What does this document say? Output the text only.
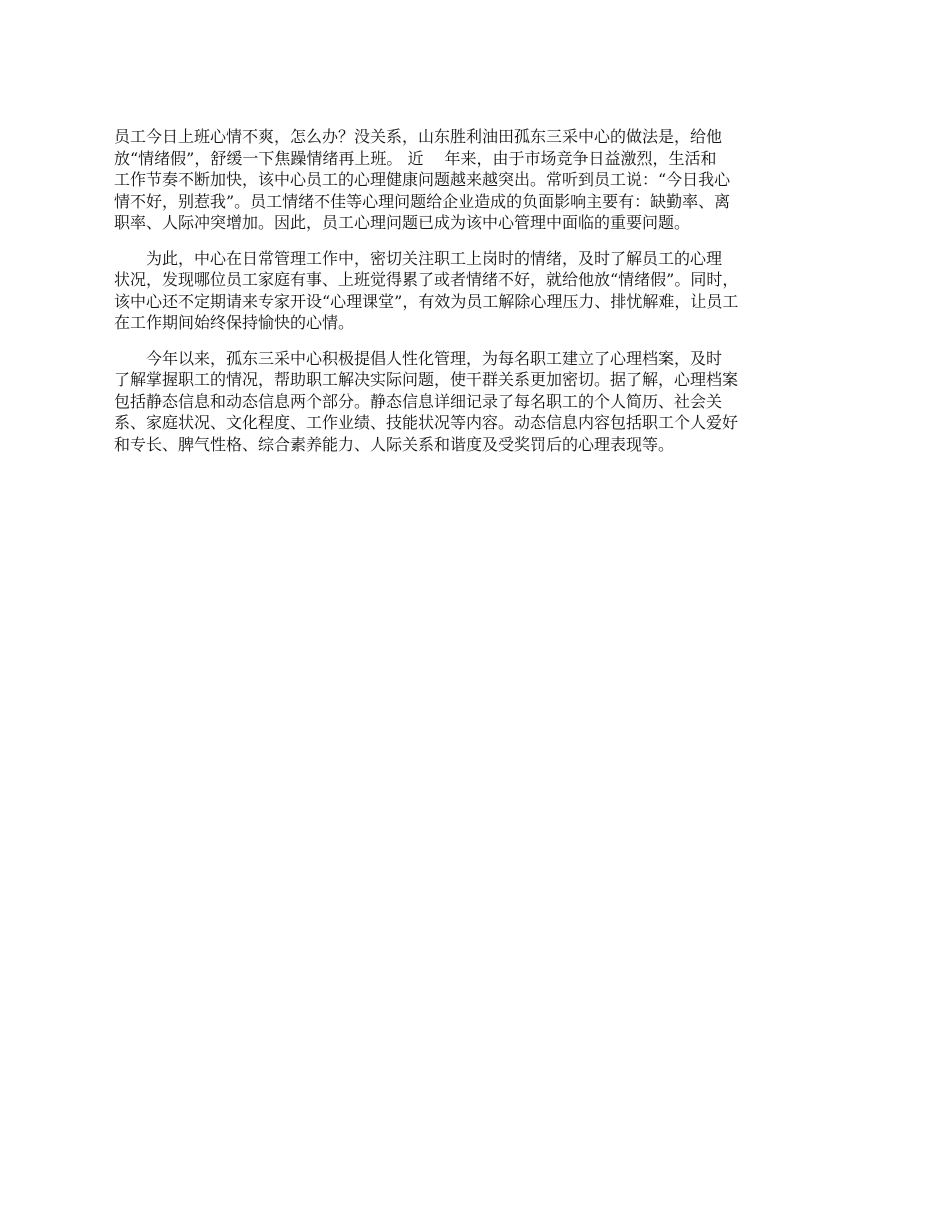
员工今日上班心情不爽，怎么办？没关系，山东胜利油田孤东三采中心的做法是，给他
放“情绪假”，舒缓一下焦躁情绪再上班。 近 　年来，由于市场竞争日益激烈，生活和
工作节奏不断加快，该中心员工的心理健康问题越来越突出。常听到员工说：“今日我心
情不好，别惹我”。员工情绪不佳等心理问题给企业造成的负面影响主要有：缺勤率、离
职率、人际冲突增加。因此，员工心理问题已成为该中心管理中面临的重要问题。

　　为此，中心在日常管理工作中，密切关注职工上岗时的情绪，及时了解员工的心理
状况，发现哪位员工家庭有事、上班觉得累了或者情绪不好，就给他放“情绪假”。同时，
该中心还不定期请来专家开设“心理课堂”，有效为员工解除心理压力、排忧解难，让员工
在工作期间始终保持愉快的心情。

　　今年以来，孤东三采中心积极提倡人性化管理，为每名职工建立了心理档案，及时
了解掌握职工的情况，帮助职工解决实际问题，使干群关系更加密切。据了解，心理档案
包括静态信息和动态信息两个部分。静态信息详细记录了每名职工的个人简历、社会关
系、家庭状况、文化程度、工作业绩、技能状况等内容。动态信息内容包括职工个人爱好
和专长、脾气性格、综合素养能力、人际关系和谐度及受奖罚后的心理表现等。
